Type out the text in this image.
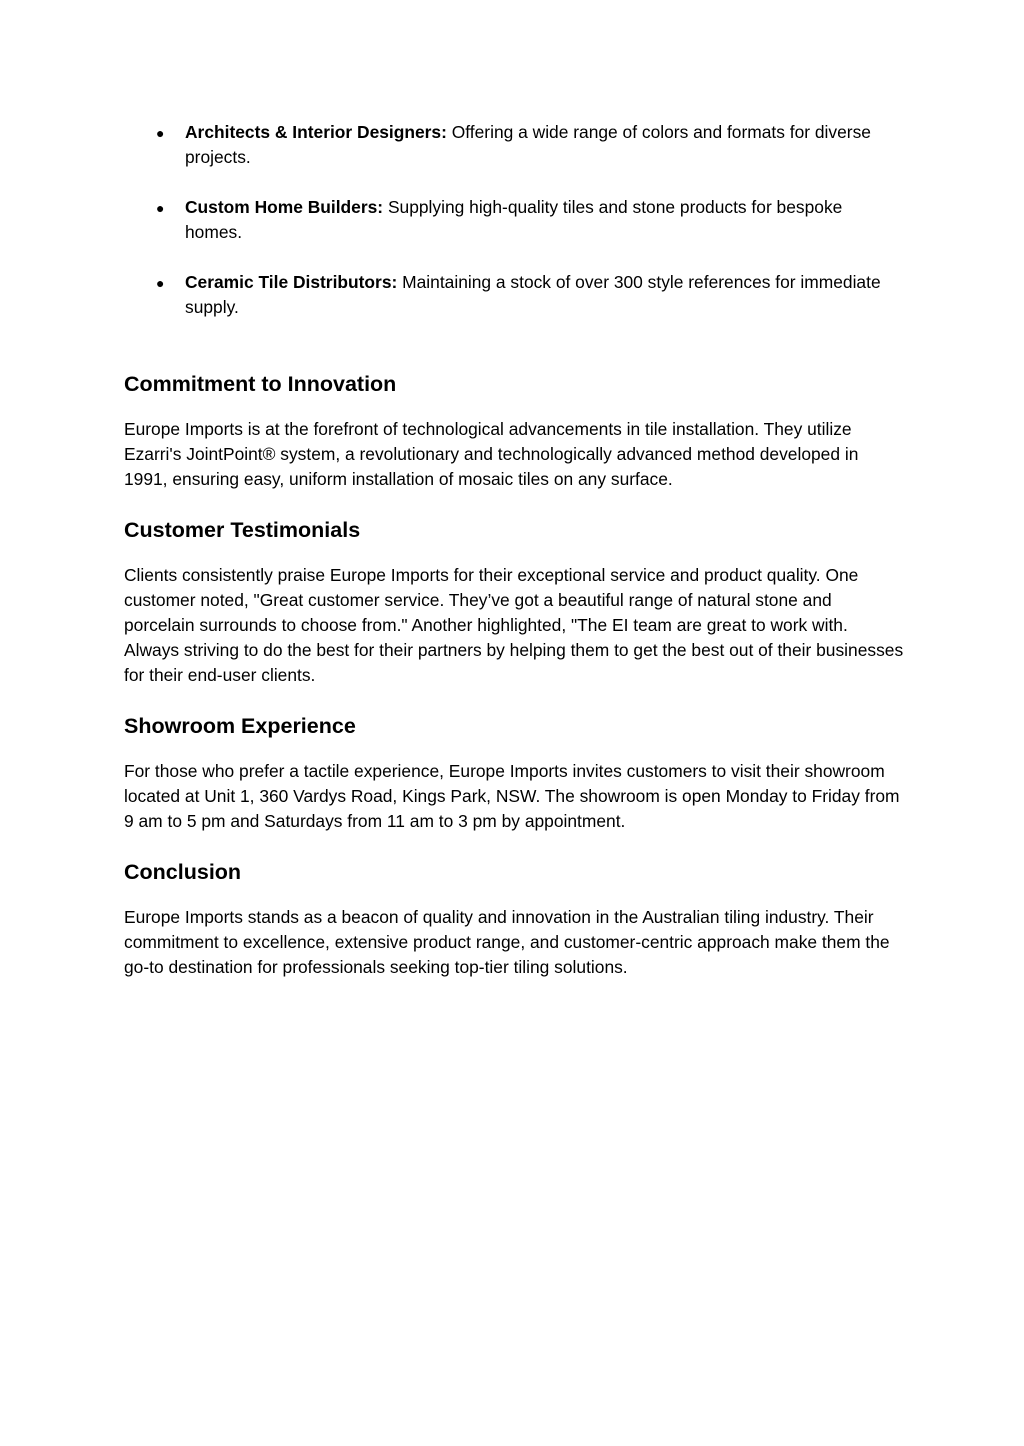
● Architects & Interior Designers: Offering a wide range of colors and formats for diverse projects.
● Custom Home Builders: Supplying high-quality tiles and stone products for bespoke homes.
● Ceramic Tile Distributors: Maintaining a stock of over 300 style references for immediate supply.
Commitment to Innovation

Europe Imports is at the forefront of technological advancements in tile installation. They utilize Ezarri's JointPoint® system, a revolutionary and technologically advanced method developed in 1991, ensuring easy, uniform installation of mosaic tiles on any surface.

Customer Testimonials

Clients consistently praise Europe Imports for their exceptional service and product quality. One customer noted, "Great customer service. They’ve got a beautiful range of natural stone and porcelain surrounds to choose from." Another highlighted, "The EI team are great to work with. Always striving to do the best for their partners by helping them to get the best out of their businesses for their end-user clients.

Showroom Experience

For those who prefer a tactile experience, Europe Imports invites customers to visit their showroom located at Unit 1, 360 Vardys Road, Kings Park, NSW. The showroom is open Monday to Friday from 9 am to 5 pm and Saturdays from 11 am to 3 pm by appointment.

Conclusion

Europe Imports stands as a beacon of quality and innovation in the Australian tiling industry. Their commitment to excellence, extensive product range, and customer-centric approach make them the go-to destination for professionals seeking top-tier tiling solutions.
